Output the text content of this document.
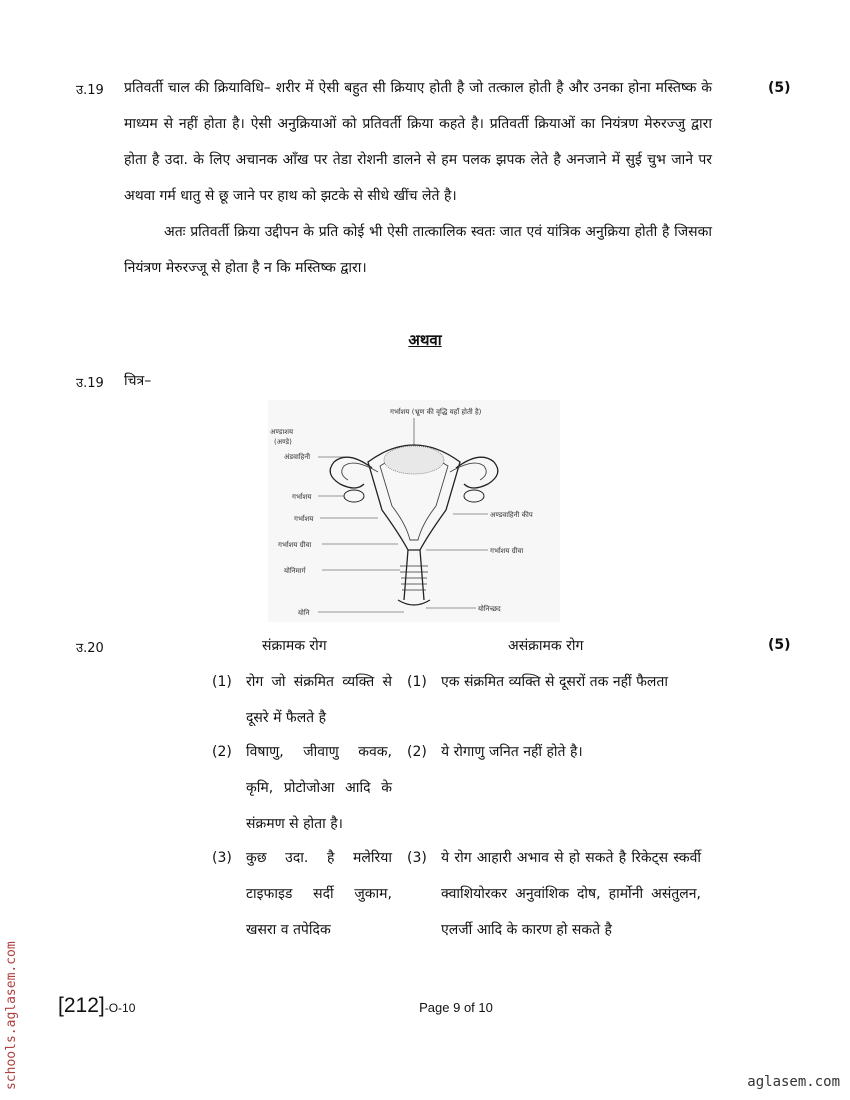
उ.19	(5)

प्रतिवर्ती चाल की क्रियाविधि– शरीर में ऐसी बहुत सी क्रियाए होती है जो तत्काल होती है और उनका होना मस्तिष्क के माध्यम से नहीं होता है। ऐसी अनुक्रियाओं को प्रतिवर्ती क्रिया कहते है। प्रतिवर्ती क्रियाओं का नियंत्रण मेरुरज्जु द्वारा होता है उदा. के लिए अचानक आँख पर तेडा रोशनी डालने से हम पलक झपक लेते है अनजाने में सुई चुभ जाने पर अथवा गर्म धातु से छू जाने पर हाथ को झटके से सीधे खींच लेते है।

अतः प्रतिवर्ती क्रिया उद्दीपन के प्रति कोई भी ऐसी तात्कालिक स्वतः जात एवं यांत्रिक अनुक्रिया होती है जिसका नियंत्रण मेरुरज्जू से होता है न कि मस्तिष्क द्वारा।

अथवा
उ.19 चित्र–
गर्भाशय (भ्रूण की वृद्धि यहाँ होती है)
अण्डाशय
(अण्डे)
अंडवाहिनी
गर्भाशय
गर्भाशय
गर्भाशय ग्रीवा
योनिमार्ग
योनि
अण्डवाहिनी कीप
गर्भाशय ग्रीवा
योनिच्छद
उ.20	(5)
संक्रामक रोग	असंक्रामक रोग
(1) रोग जो संक्रमित व्यक्ति से दूसरे में फैलते है
(1) एक संक्रमित व्यक्ति से दूसरों तक नहीं फैलता
(2) विषाणु, जीवाणु कवक, कृमि, प्रोटोजोआ आदि के संक्रमण से होता है।
(2) ये रोगाणु जनित नहीं होते है।
(3) कुछ उदा. है मलेरिया टाइफाइड सर्दी जुकाम, खसरा व तपेदिक
(3) ये रोग आहारी अभाव से हो सकते है रिकेट्स स्कर्वी क्वाशियोरकर अनुवांशिक दोष, हार्मोनी असंतुलन, एलर्जी आदि के कारण हो सकते है
[212]-O-10	Page 9 of 10
schools.aglasem.com	aglasem.com
